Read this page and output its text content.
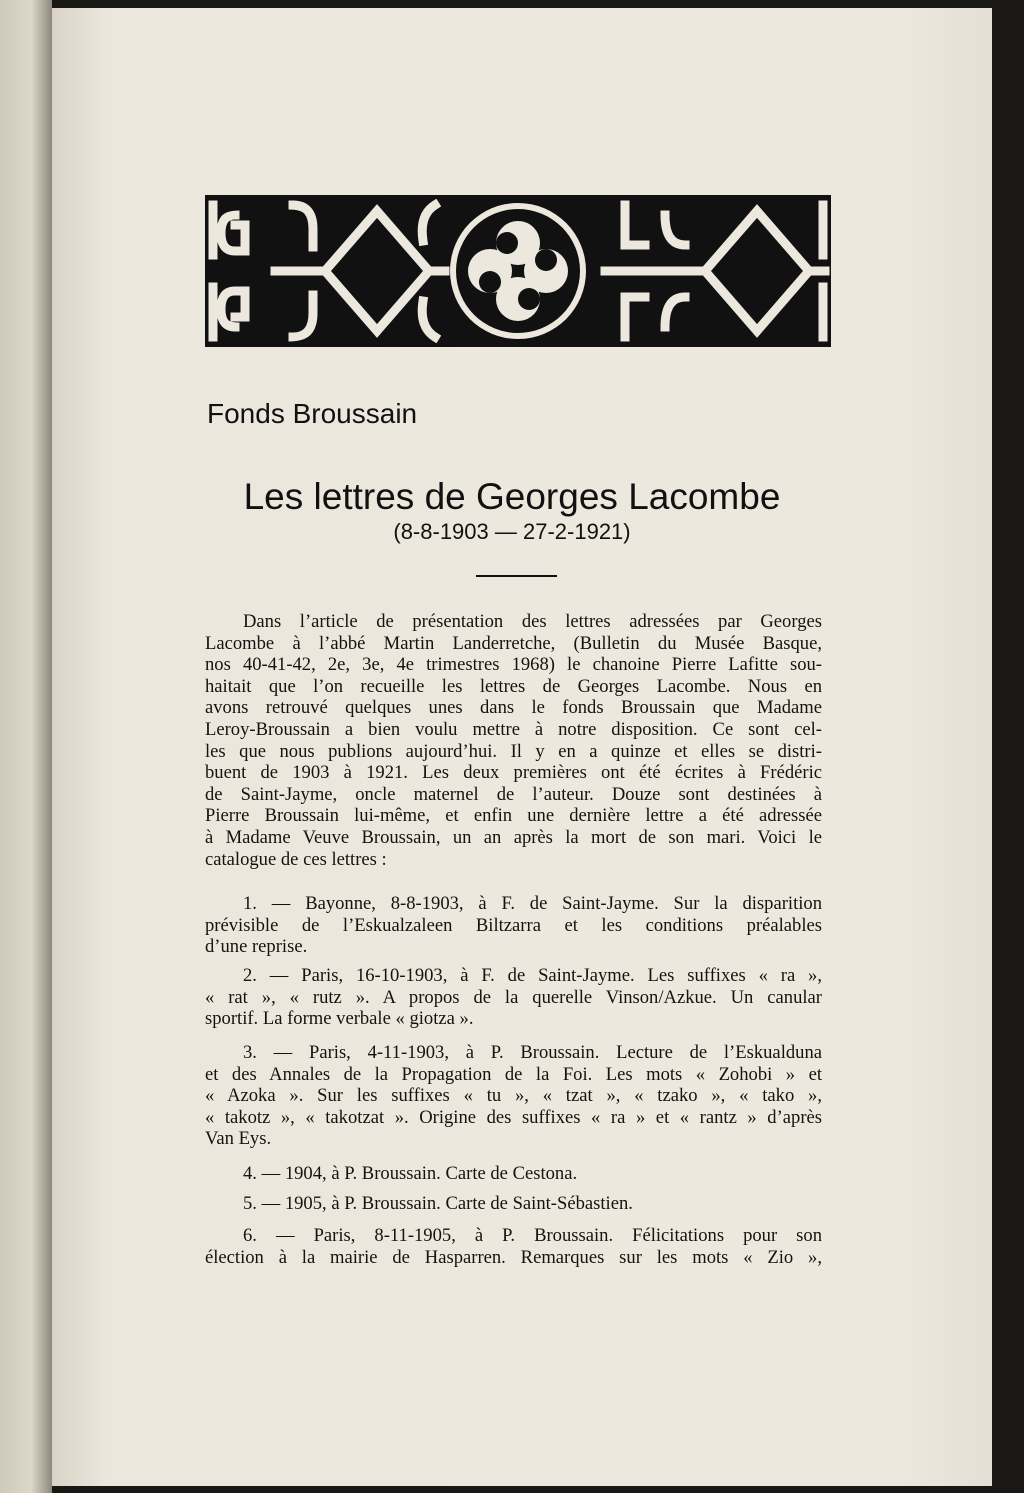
Fonds Broussain
Les lettres de Georges Lacombe
(8-8-1903 — 27-2-1921)
Dans l’article de présentation des lettres adressées par Georges
Lacombe à l’abbé Martin Landerretche, (Bulletin du Musée Basque,
nos 40-41-42, 2e, 3e, 4e trimestres 1968) le chanoine Pierre Lafitte sou-
haitait que l’on recueille les lettres de Georges Lacombe. Nous en
avons retrouvé quelques unes dans le fonds Broussain que Madame
Leroy-Broussain a bien voulu mettre à notre disposition. Ce sont cel-
les que nous publions aujourd’hui. Il y en a quinze et elles se distri-
buent de 1903 à 1921. Les deux premières ont été écrites à Frédéric
de Saint-Jayme, oncle maternel de l’auteur. Douze sont destinées à
Pierre Broussain lui-même, et enfin une dernière lettre a été adressée
à Madame Veuve Broussain, un an après la mort de son mari. Voici le
catalogue de ces lettres :
1. — Bayonne, 8-8-1903, à F. de Saint-Jayme. Sur la disparition
prévisible de l’Eskualzaleen Biltzarra et les conditions préalables
d’une reprise.
2. — Paris, 16-10-1903, à F. de Saint-Jayme. Les suffixes « ra »,
« rat », « rutz ». A propos de la querelle Vinson/Azkue. Un canular
sportif. La forme verbale « giotza ».
3. — Paris, 4-11-1903, à P. Broussain. Lecture de l’Eskualduna
et des Annales de la Propagation de la Foi. Les mots « Zohobi » et
« Azoka ». Sur les suffixes « tu », « tzat », « tzako », « tako »,
« takotz », « takotzat ». Origine des suffixes « ra » et « rantz » d’après
Van Eys.
4. — 1904, à P. Broussain. Carte de Cestona.
5. — 1905, à P. Broussain. Carte de Saint-Sébastien.
6. — Paris, 8-11-1905, à P. Broussain. Félicitations pour son
élection à la mairie de Hasparren. Remarques sur les mots « Zio »,
